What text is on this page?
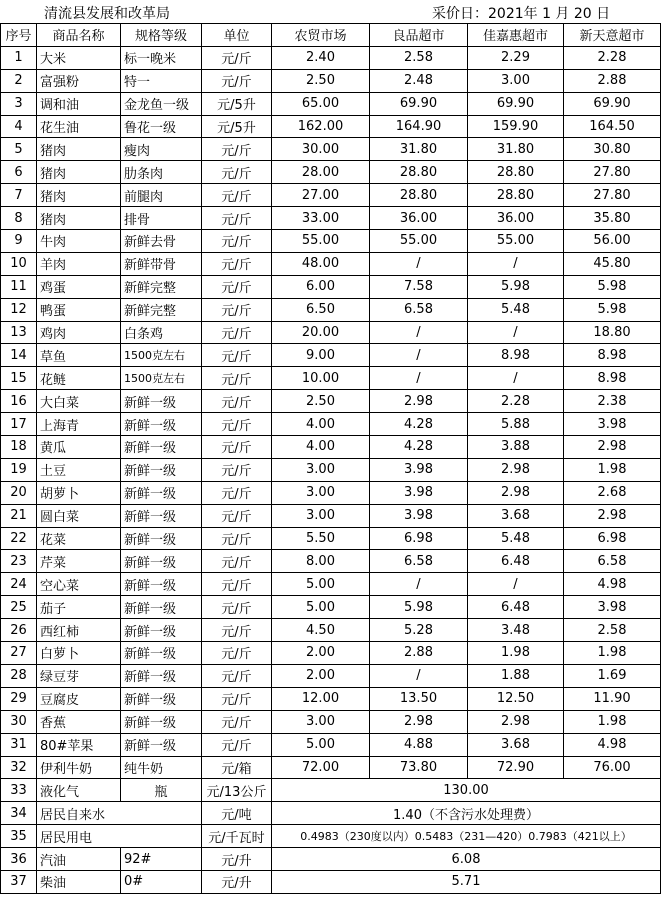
清流县发展和改革局	采价日：2021年 1 月 20 日
序号	商品名称	规格等级	单位	农贸市场	良品超市	佳嘉惠超市	新天意超市
1	大米	标一晚米	元/斤	2.40	2.58	2.29	2.28
2	富强粉	特一	元/斤	2.50	2.48	3.00	2.88
3	调和油	金龙鱼一级	元/5升	65.00	69.90	69.90	69.90
4	花生油	鲁花一级	元/5升	162.00	164.90	159.90	164.50
5	猪肉	瘦肉	元/斤	30.00	31.80	31.80	30.80
6	猪肉	肋条肉	元/斤	28.00	28.80	28.80	27.80
7	猪肉	前腿肉	元/斤	27.00	28.80	28.80	27.80
8	猪肉	排骨	元/斤	33.00	36.00	36.00	35.80
9	牛肉	新鲜去骨	元/斤	55.00	55.00	55.00	56.00
10	羊肉	新鲜带骨	元/斤	48.00	/	/	45.80
11	鸡蛋	新鲜完整	元/斤	6.00	7.58	5.98	5.98
12	鸭蛋	新鲜完整	元/斤	6.50	6.58	5.48	5.98
13	鸡肉	白条鸡	元/斤	20.00	/	/	18.80
14	草鱼	1500克左右	元/斤	9.00	/	8.98	8.98
15	花鲢	1500克左右	元/斤	10.00	/	/	8.98
16	大白菜	新鲜一级	元/斤	2.50	2.98	2.28	2.38
17	上海青	新鲜一级	元/斤	4.00	4.28	5.88	3.98
18	黄瓜	新鲜一级	元/斤	4.00	4.28	3.88	2.98
19	土豆	新鲜一级	元/斤	3.00	3.98	2.98	1.98
20	胡萝卜	新鲜一级	元/斤	3.00	3.98	2.98	2.68
21	圆白菜	新鲜一级	元/斤	3.00	3.98	3.68	2.98
22	花菜	新鲜一级	元/斤	5.50	6.98	5.48	6.98
23	芹菜	新鲜一级	元/斤	8.00	6.58	6.48	6.58
24	空心菜	新鲜一级	元/斤	5.00	/	/	4.98
25	茄子	新鲜一级	元/斤	5.00	5.98	6.48	3.98
26	西红柿	新鲜一级	元/斤	4.50	5.28	3.48	2.58
27	白萝卜	新鲜一级	元/斤	2.00	2.88	1.98	1.98
28	绿豆芽	新鲜一级	元/斤	2.00	/	1.88	1.69
29	豆腐皮	新鲜一级	元/斤	12.00	13.50	12.50	11.90
30	香蕉	新鲜一级	元/斤	3.00	2.98	2.98	1.98
31	80#苹果	新鲜一级	元/斤	5.00	4.88	3.68	4.98
32	伊利牛奶	纯牛奶	元/箱	72.00	73.80	72.90	76.00
33	液化气	瓶	元/13公斤	130.00			
34	居民自来水		元/吨	1.40（不含污水处理费）			
35	居民用电		元/千瓦时	0.4983（230度以内）0.5483（231—420）0.7983（421以上）			
36	汽油	92#	元/升	6.08			
37	柴油	0#	元/升	5.71			
